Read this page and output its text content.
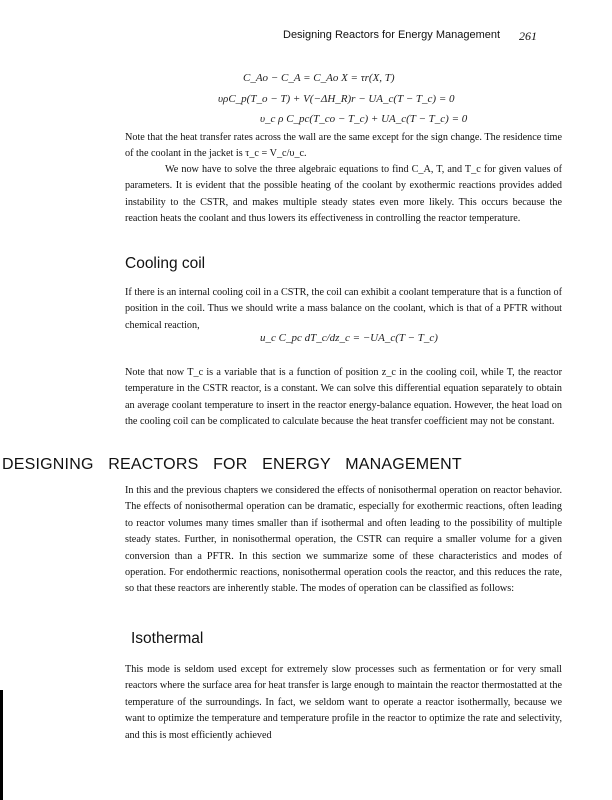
Designing Reactors for Energy Management 261
C_Ao − C_A = C_Ao X = τr(X, T)
υρC_p(T_o − T) + V(−ΔH_R)r − UA_c(T − T_c) = 0
υ_c ρ C_pc(T_co − T_c) + UA_c(T − T_c) = 0

Note that the heat transfer rates across the wall are the same except for the sign change. The residence time of the coolant in the jacket is τ_c = V_c/υ_c.

We now have to solve the three algebraic equations to find C_A, T, and T_c for given values of parameters. It is evident that the possible heating of the coolant by exothermic reactions provides added instability to the CSTR, and makes multiple steady states even more likely. This occurs because the reaction heats the coolant and thus lowers its effectiveness in controlling the reactor temperature.

Cooling coil

If there is an internal cooling coil in a CSTR, the coil can exhibit a coolant temperature that is a function of position in the coil. Thus we should write a mass balance on the coolant, which is that of a PFTR without chemical reaction,

u_c C_pc dT_c/dz_c = −UA_c(T − T_c)

Note that now T_c is a variable that is a function of position z_c in the cooling coil, while T, the reactor temperature in the CSTR reactor, is a constant. We can solve this differential equation separately to obtain an average coolant temperature to insert in the reactor energy-balance equation. However, the heat load on the cooling coil can be complicated to calculate because the heat transfer coefficient may not be constant.

DESIGNING REACTORS FOR ENERGY MANAGEMENT

In this and the previous chapters we considered the effects of nonisothermal operation on reactor behavior. The effects of nonisothermal operation can be dramatic, especially for exothermic reactions, often leading to reactor volumes many times smaller than if isothermal and often leading to the possibility of multiple steady states. Further, in nonisothermal operation, the CSTR can require a smaller volume for a given conversion than a PFTR. In this section we summarize some of these characteristics and modes of operation. For endothermic reactions, nonisothermal operation cools the reactor, and this reduces the rate, so that these reactors are inherently stable. The modes of operation can be classified as follows:

Isothermal

This mode is seldom used except for extremely slow processes such as fermentation or for very small reactors where the surface area for heat transfer is large enough to maintain the reactor thermostatted at the temperature of the surroundings. In fact, we seldom want to operate a reactor isothermally, because we want to optimize the temperature and temperature profile in the reactor to optimize the rate and selectivity, and this is most efficiently achieved
